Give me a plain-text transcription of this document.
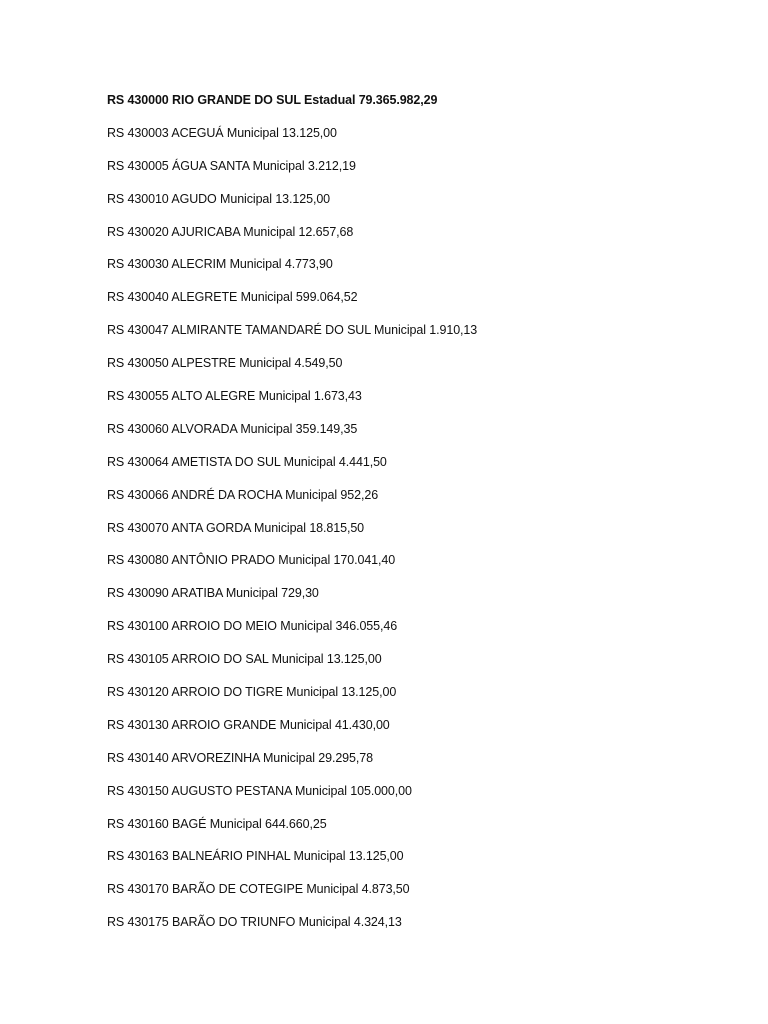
RS 430000 RIO GRANDE DO SUL Estadual 79.365.982,29
RS 430003 ACEGUÁ Municipal 13.125,00
RS 430005 ÁGUA SANTA Municipal 3.212,19
RS 430010 AGUDO Municipal 13.125,00
RS 430020 AJURICABA Municipal 12.657,68
RS 430030 ALECRIM Municipal 4.773,90
RS 430040 ALEGRETE Municipal 599.064,52
RS 430047 ALMIRANTE TAMANDARÉ DO SUL Municipal 1.910,13
RS 430050 ALPESTRE Municipal 4.549,50
RS 430055 ALTO ALEGRE Municipal 1.673,43
RS 430060 ALVORADA Municipal 359.149,35
RS 430064 AMETISTA DO SUL Municipal 4.441,50
RS 430066 ANDRÉ DA ROCHA Municipal 952,26
RS 430070 ANTA GORDA Municipal 18.815,50
RS 430080 ANTÔNIO PRADO Municipal 170.041,40
RS 430090 ARATIBA Municipal 729,30
RS 430100 ARROIO DO MEIO Municipal 346.055,46
RS 430105 ARROIO DO SAL Municipal 13.125,00
RS 430120 ARROIO DO TIGRE Municipal 13.125,00
RS 430130 ARROIO GRANDE Municipal 41.430,00
RS 430140 ARVOREZINHA Municipal 29.295,78
RS 430150 AUGUSTO PESTANA Municipal 105.000,00
RS 430160 BAGÉ Municipal 644.660,25
RS 430163 BALNEÁRIO PINHAL Municipal 13.125,00
RS 430170 BARÃO DE COTEGIPE Municipal 4.873,50
RS 430175 BARÃO DO TRIUNFO Municipal 4.324,13
